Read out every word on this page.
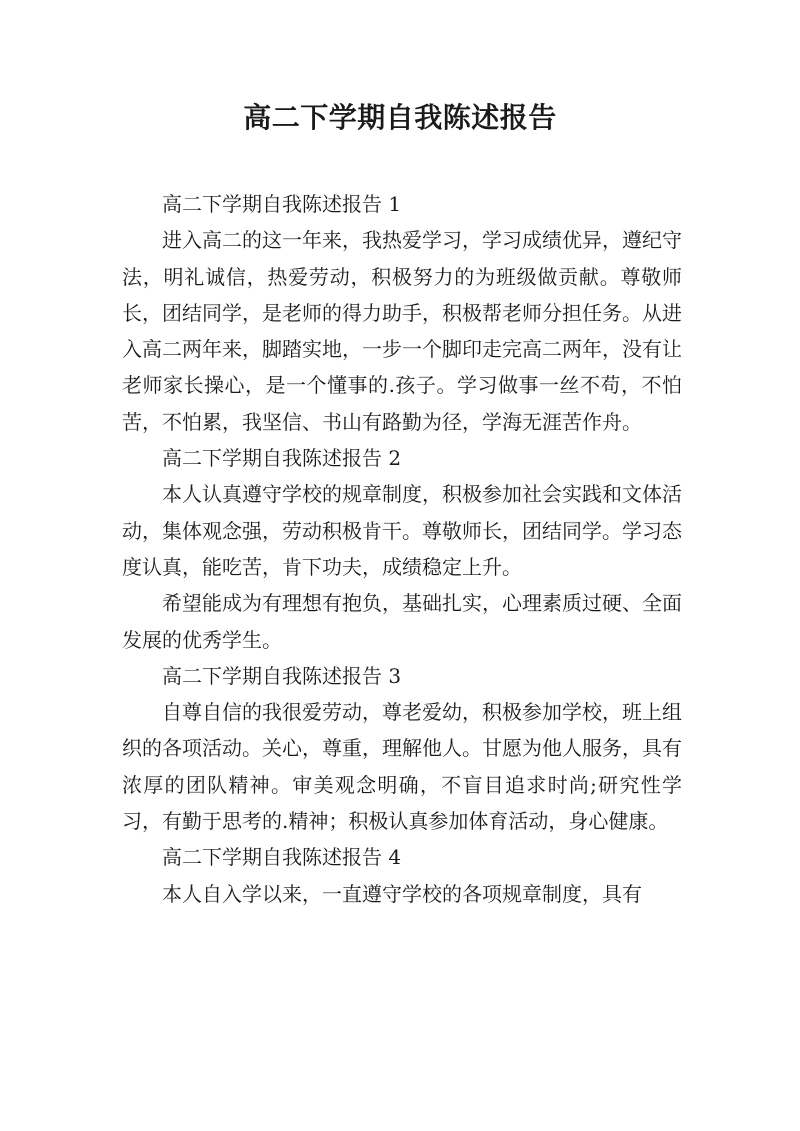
高二下学期自我陈述报告

高二下学期自我陈述报告 1

进入高二的这一年来，我热爱学习，学习成绩优异，遵纪守法，明礼诚信，热爱劳动，积极努力的为班级做贡献。尊敬师长，团结同学，是老师的得力助手，积极帮老师分担任务。从进入高二两年来，脚踏实地，一步一个脚印走完高二两年，没有让老师家长操心，是一个懂事的.孩子。学习做事一丝不苟，不怕苦，不怕累，我坚信、书山有路勤为径，学海无涯苦作舟。

高二下学期自我陈述报告 2

本人认真遵守学校的规章制度，积极参加社会实践和文体活动，集体观念强，劳动积极肯干。尊敬师长，团结同学。学习态度认真，能吃苦，肯下功夫，成绩稳定上升。

希望能成为有理想有抱负，基础扎实，心理素质过硬、全面发展的优秀学生。

高二下学期自我陈述报告 3

自尊自信的我很爱劳动，尊老爱幼，积极参加学校，班上组织的各项活动。关心，尊重，理解他人。甘愿为他人服务，具有浓厚的团队精神。审美观念明确，不盲目追求时尚;研究性学习，有勤于思考的.精神；积极认真参加体育活动，身心健康。

高二下学期自我陈述报告 4

本人自入学以来，一直遵守学校的各项规章制度，具有
